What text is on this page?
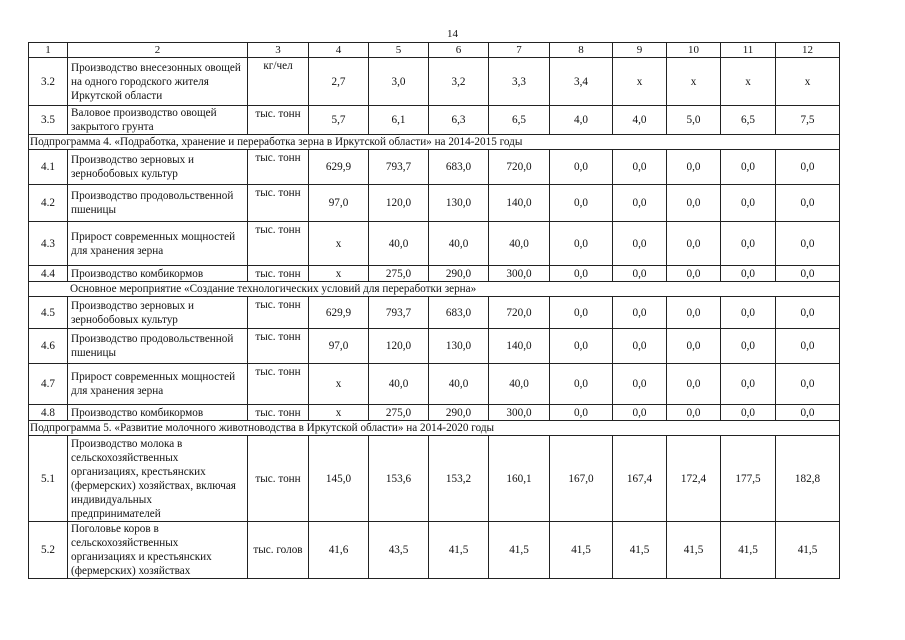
14
1	2	3	4	5	6	7	8	9	10	11	12
3.2	Производство внесезонных овощей на одного городского жителя Иркутской области	кг/чел	2,7	3,0	3,2	3,3	3,4	х	х	х	х
3.5	Валовое производство овощей закрытого грунта	тыс. тонн	5,7	6,1	6,3	6,5	4,0	4,0	5,0	6,5	7,5
Подпрограмма 4. «Подработка, хранение и переработка зерна в Иркутской области» на 2014-2015 годы											
4.1	Производство зерновых и зернобобовых культур	тыс. тонн	629,9	793,7	683,0	720,0	0,0	0,0	0,0	0,0	0,0
4.2	Производство продовольственной пшеницы	тыс. тонн	97,0	120,0	130,0	140,0	0,0	0,0	0,0	0,0	0,0
4.3	Прирост современных мощностей для хранения зерна	тыс. тонн	х	40,0	40,0	40,0	0,0	0,0	0,0	0,0	0,0
4.4	Производство комбикормов	тыс. тонн	х	275,0	290,0	300,0	0,0	0,0	0,0	0,0	0,0
Основное мероприятие «Создание технологических условий для переработки зерна»											
4.5	Производство зерновых и зернобобовых культур	тыс. тонн	629,9	793,7	683,0	720,0	0,0	0,0	0,0	0,0	0,0
4.6	Производство продовольственной пшеницы	тыс. тонн	97,0	120,0	130,0	140,0	0,0	0,0	0,0	0,0	0,0
4.7	Прирост современных мощностей для хранения зерна	тыс. тонн	х	40,0	40,0	40,0	0,0	0,0	0,0	0,0	0,0
4.8	Производство комбикормов	тыс. тонн	х	275,0	290,0	300,0	0,0	0,0	0,0	0,0	0,0
Подпрограмма 5. «Развитие молочного животноводства в Иркутской области» на 2014-2020 годы											
5.1	Производство молока в сельскохозяйственных организациях, крестьянских (фермерских) хозяйствах, включая индивидуальных предпринимателей	тыс. тонн	145,0	153,6	153,2	160,1	167,0	167,4	172,4	177,5	182,8
5.2	Поголовье коров в сельскохозяйственных организациях и крестьянских (фермерских) хозяйствах	тыс. голов	41,6	43,5	41,5	41,5	41,5	41,5	41,5	41,5	41,5
